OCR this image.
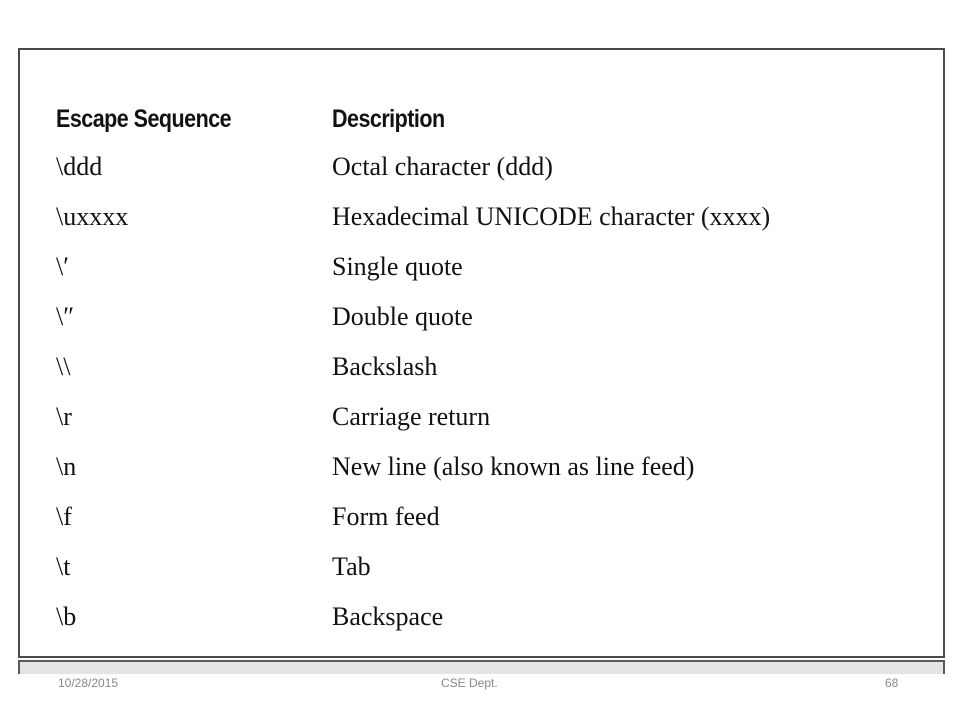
Escape Sequence	Description
\ddd	Octal character (ddd)
\uxxxx	Hexadecimal UNICODE character (xxxx)
\′	Single quote
\″	Double quote
\\	Backslash
\r	Carriage return
\n	New line (also known as line feed)
\f	Form feed
\t	Tab
\b	Backspace
10/28/2015	CSE Dept.	68
